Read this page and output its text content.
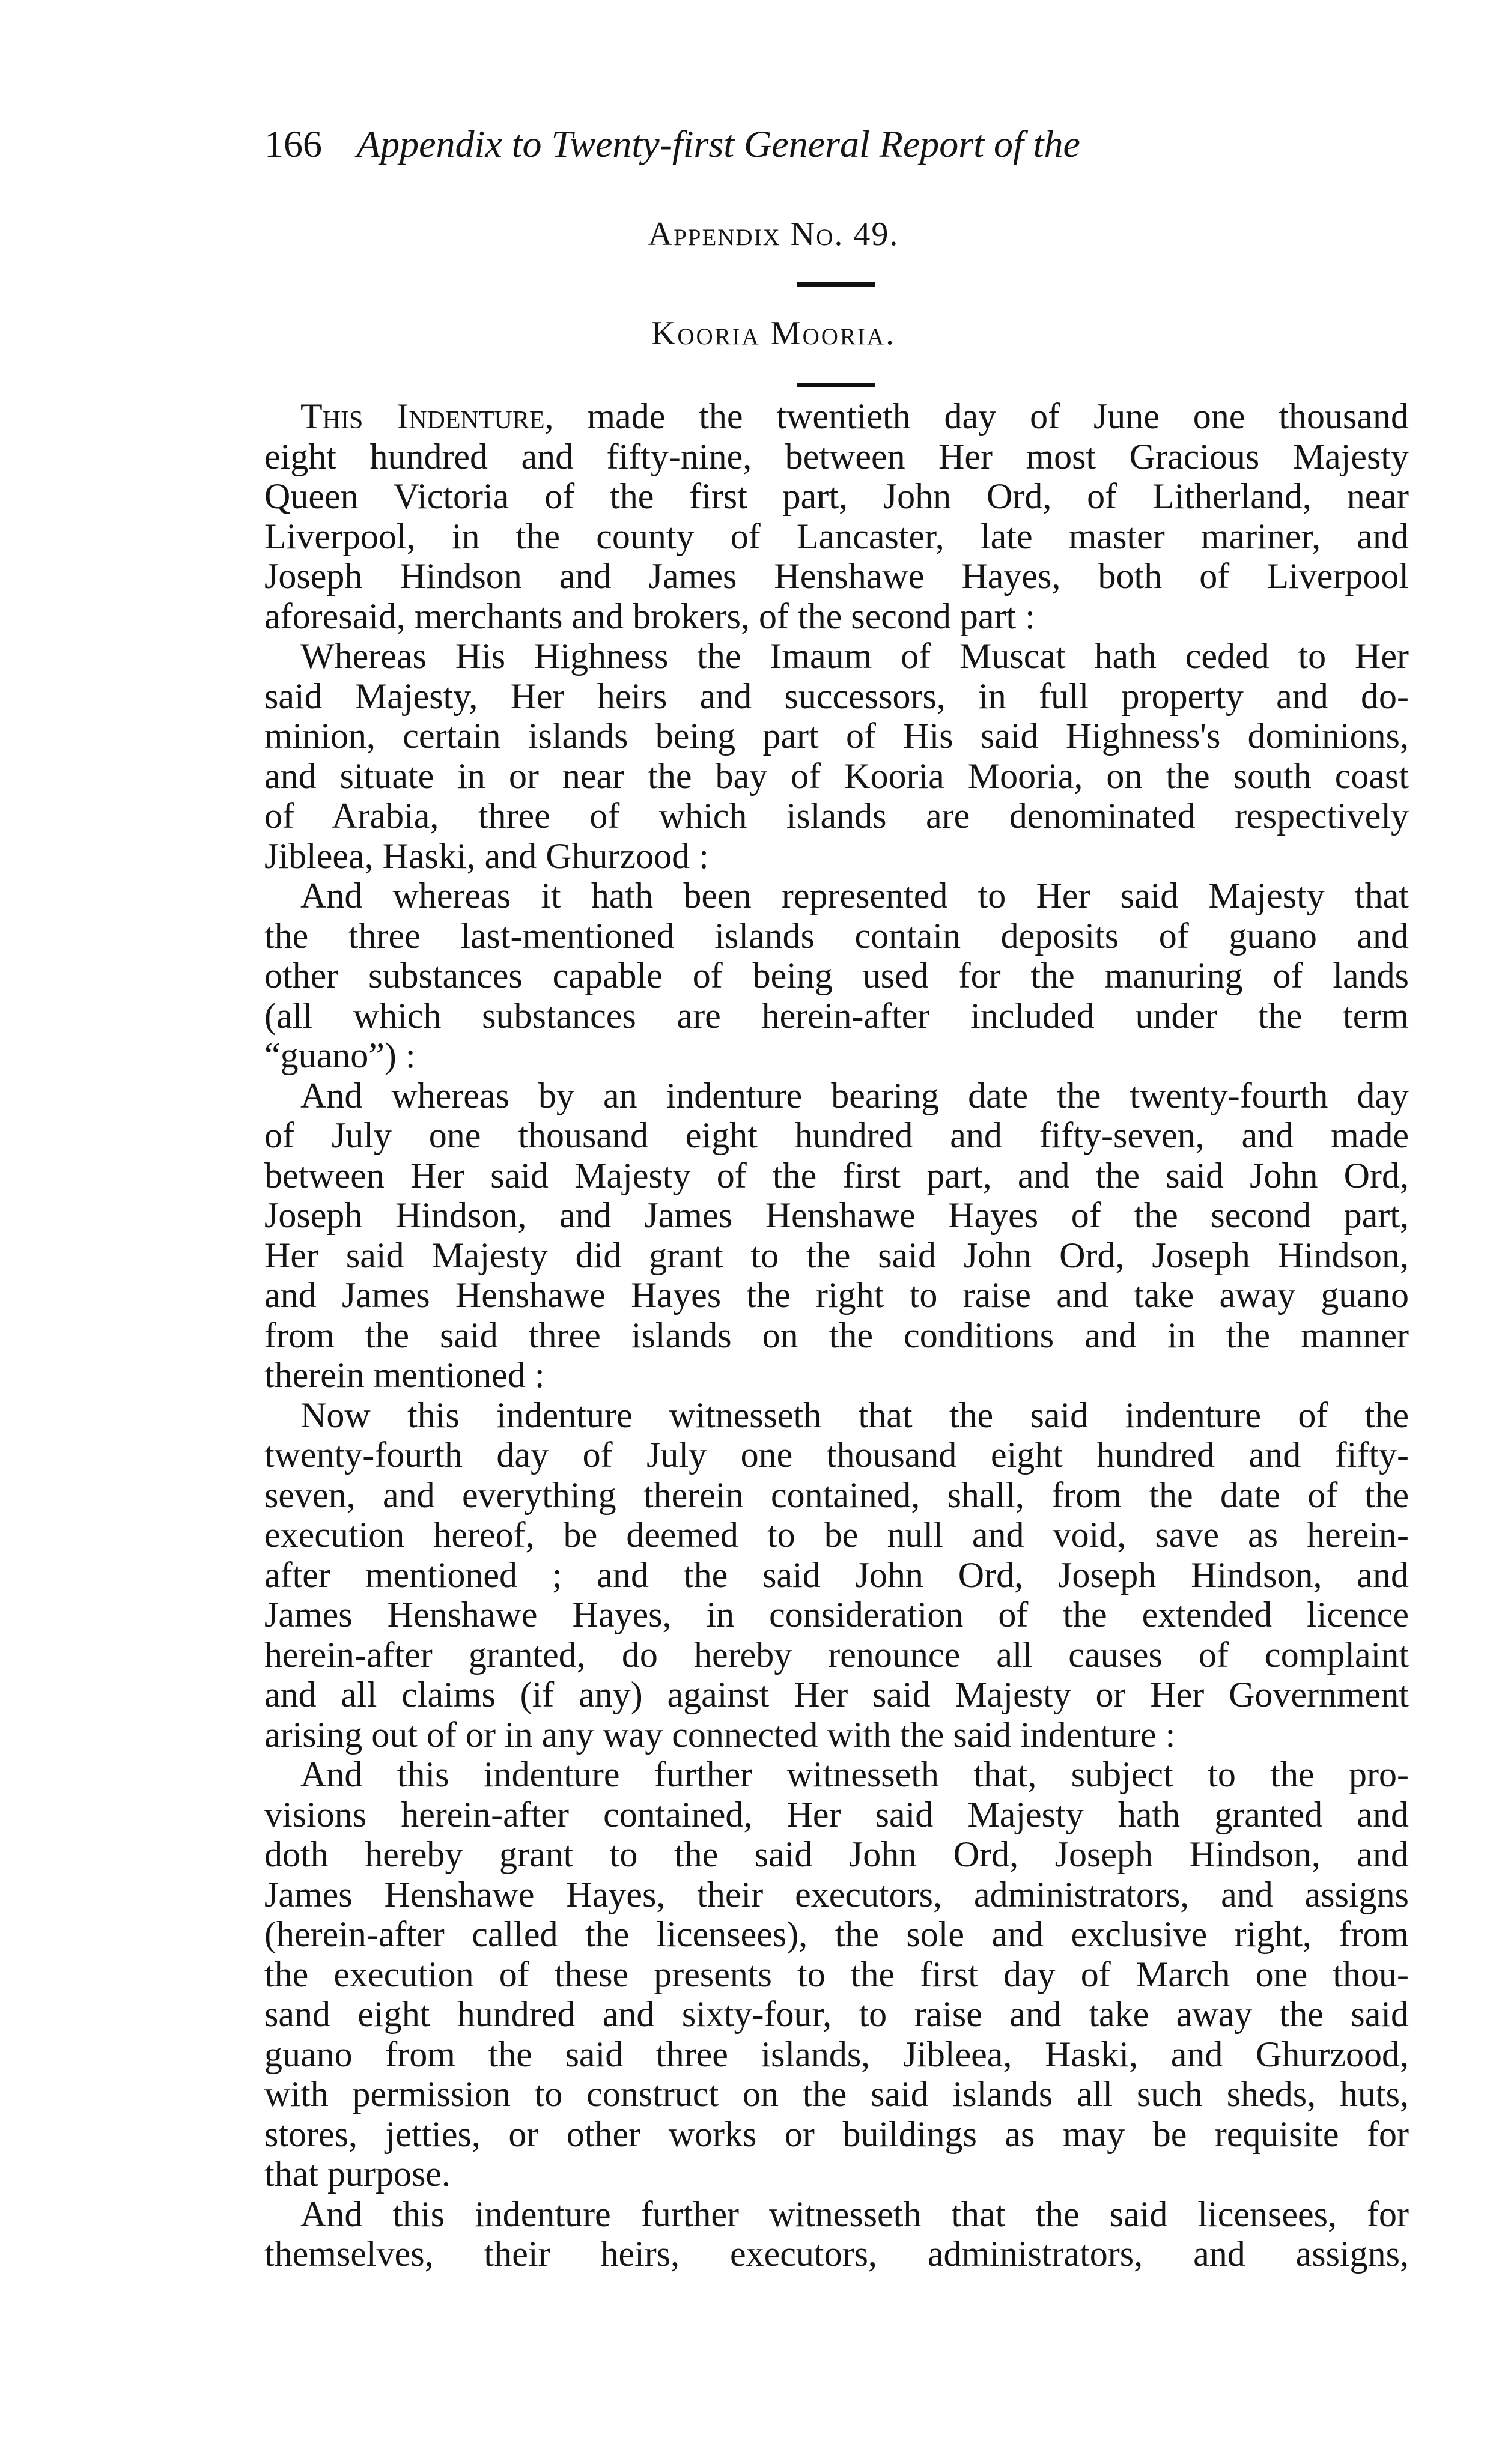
166 Appendix to Twenty-first General Report of the
Appendix No. 49.
Kooria Mooria.
This Indenture, made the twentieth day of June one thousand
eight hundred and fifty-nine, between Her most Gracious Majesty
Queen Victoria of the first part, John Ord, of Litherland, near
Liverpool, in the county of Lancaster, late master mariner, and
Joseph Hindson and James Henshawe Hayes, both of Liverpool
aforesaid, merchants and brokers, of the second part :
Whereas His Highness the Imaum of Muscat hath ceded to Her
said Majesty, Her heirs and successors, in full property and do-
minion, certain islands being part of His said Highness's dominions,
and situate in or near the bay of Kooria Mooria, on the south coast
of Arabia, three of which islands are denominated respectively
Jibleea, Haski, and Ghurzood :
And whereas it hath been represented to Her said Majesty that
the three last-mentioned islands contain deposits of guano and
other substances capable of being used for the manuring of lands
(all which substances are herein-after included under the term
“guano”) :
And whereas by an indenture bearing date the twenty-fourth day
of July one thousand eight hundred and fifty-seven, and made
between Her said Majesty of the first part, and the said John Ord,
Joseph Hindson, and James Henshawe Hayes of the second part,
Her said Majesty did grant to the said John Ord, Joseph Hindson,
and James Henshawe Hayes the right to raise and take away guano
from the said three islands on the conditions and in the manner
therein mentioned :
Now this indenture witnesseth that the said indenture of the
twenty-fourth day of July one thousand eight hundred and fifty-
seven, and everything therein contained, shall, from the date of the
execution hereof, be deemed to be null and void, save as herein-
after mentioned ; and the said John Ord, Joseph Hindson, and
James Henshawe Hayes, in consideration of the extended licence
herein-after granted, do hereby renounce all causes of complaint
and all claims (if any) against Her said Majesty or Her Government
arising out of or in any way connected with the said indenture :
And this indenture further witnesseth that, subject to the pro-
visions herein-after contained, Her said Majesty hath granted and
doth hereby grant to the said John Ord, Joseph Hindson, and
James Henshawe Hayes, their executors, administrators, and assigns
(herein-after called the licensees), the sole and exclusive right, from
the execution of these presents to the first day of March one thou-
sand eight hundred and sixty-four, to raise and take away the said
guano from the said three islands, Jibleea, Haski, and Ghurzood,
with permission to construct on the said islands all such sheds, huts,
stores, jetties, or other works or buildings as may be requisite for
that purpose.
And this indenture further witnesseth that the said licensees, for
themselves, their heirs, executors, administrators, and assigns,
